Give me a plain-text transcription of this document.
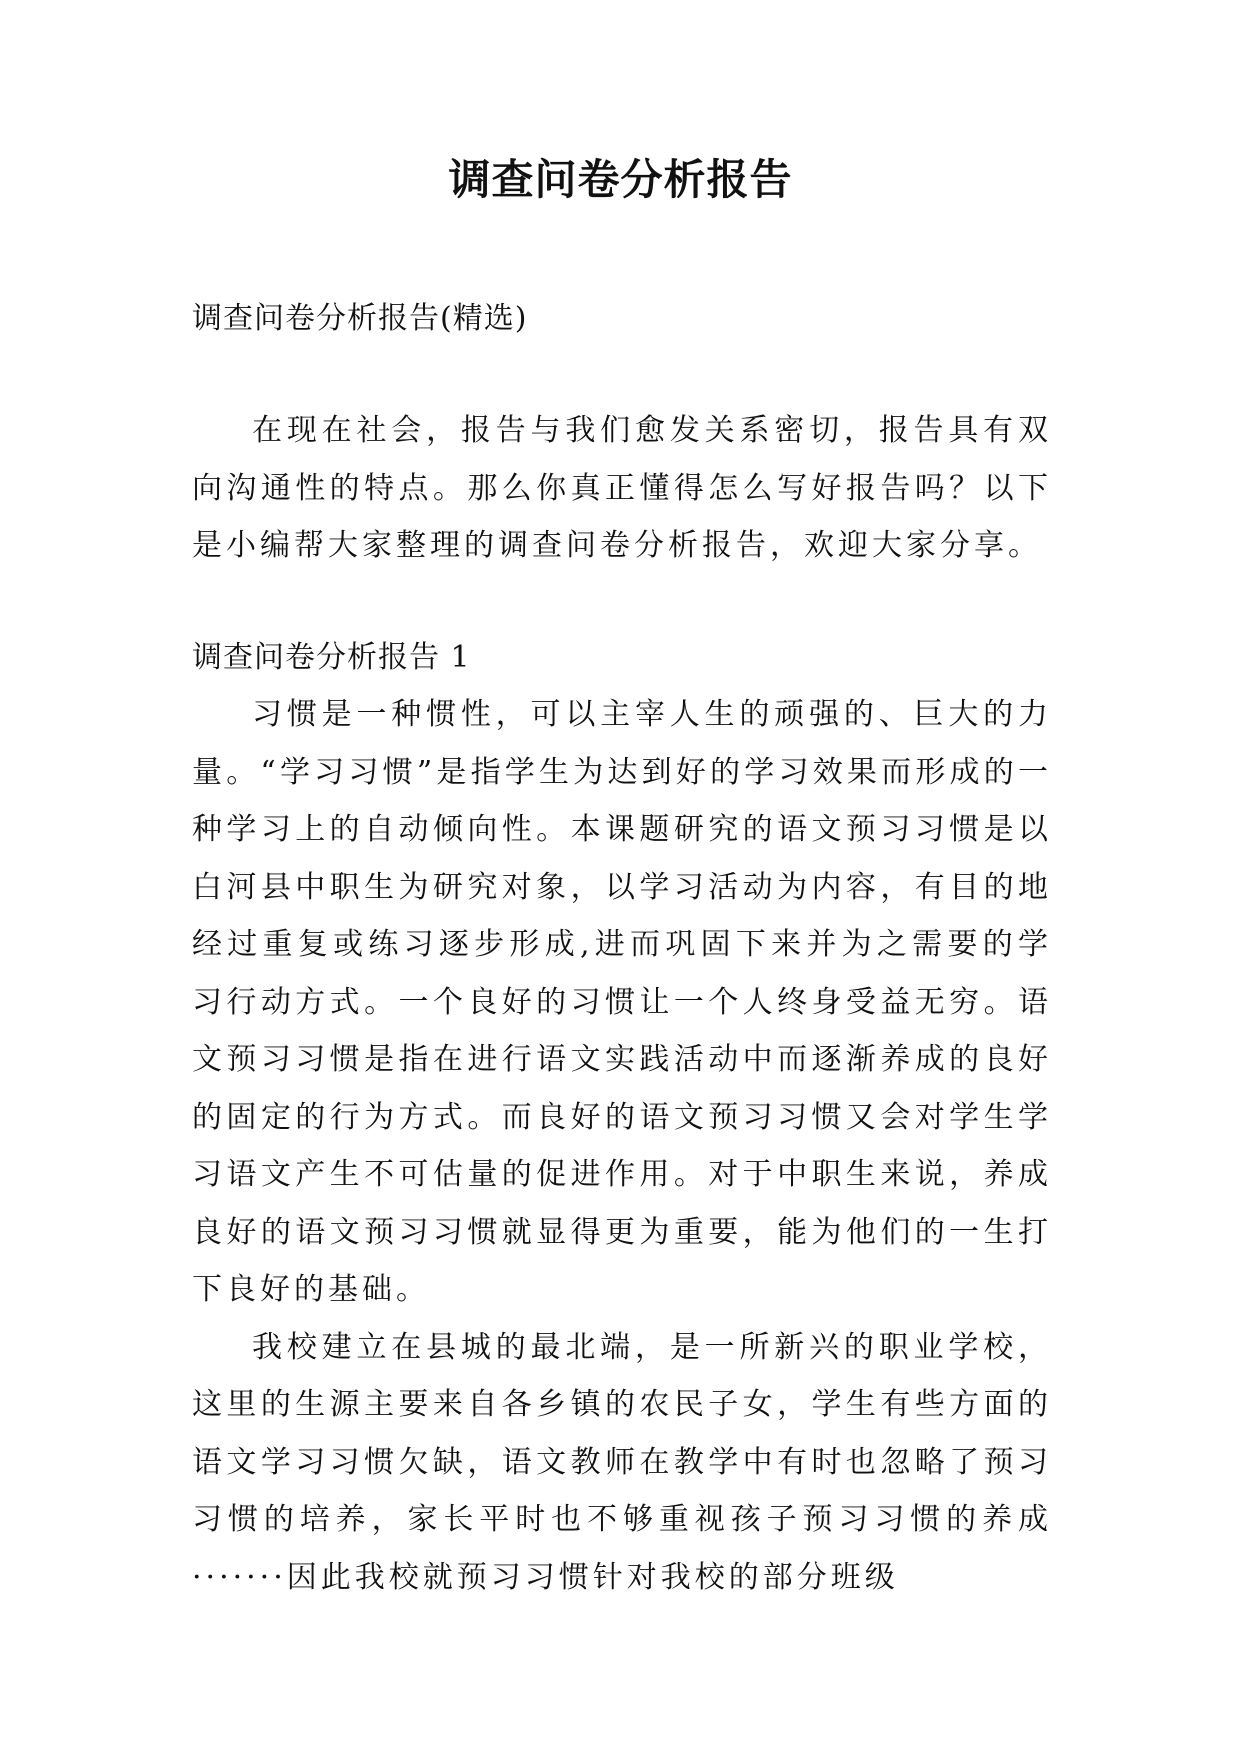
调查问卷分析报告

调查问卷分析报告(精选)

在现在社会，报告与我们愈发关系密切，报告具有双向沟通性的特点。那么你真正懂得怎么写好报告吗？以下是小编帮大家整理的调查问卷分析报告，欢迎大家分享。

调查问卷分析报告 1

习惯是一种惯性，可以主宰人生的顽强的、巨大的力量。“学习习惯”是指学生为达到好的学习效果而形成的一种学习上的自动倾向性。本课题研究的语文预习习惯是以白河县中职生为研究对象，以学习活动为内容，有目的地经过重复或练习逐步形成,进而巩固下来并为之需要的学习行动方式。一个良好的习惯让一个人终身受益无穷。语文预习习惯是指在进行语文实践活动中而逐渐养成的良好的固定的行为方式。而良好的语文预习习惯又会对学生学习语文产生不可估量的促进作用。对于中职生来说，养成良好的语文预习习惯就显得更为重要，能为他们的一生打下良好的基础。

我校建立在县城的最北端，是一所新兴的职业学校，这里的生源主要来自各乡镇的农民子女，学生有些方面的语文学习习惯欠缺，语文教师在教学中有时也忽略了预习习惯的培养，家长平时也不够重视孩子预习习惯的养成·······因此我校就预习习惯针对我校的部分班级
